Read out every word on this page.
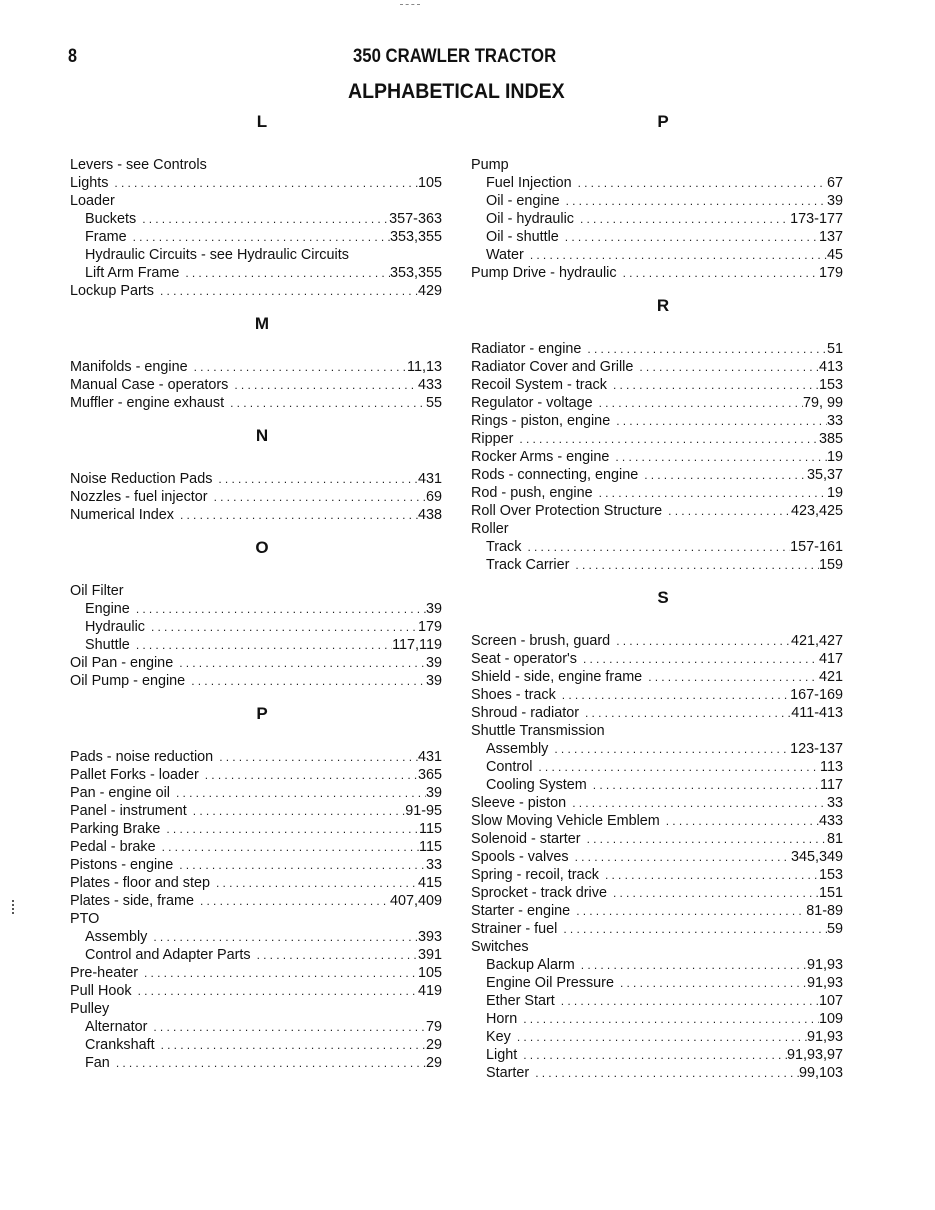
8	350 CRAWLER TRACTOR
ALPHABETICAL INDEX
L
Levers - see Controls
Lights .....	105
Loader
Buckets .....	357-363
Frame .....	353,355
Hydraulic Circuits - see Hydraulic Circuits
Lift Arm Frame .....	353,355
Lockup Parts .....	429
M
Manifolds - engine .....	11,13
Manual Case - operators .....	433
Muffler - engine exhaust .....	55
N
Noise Reduction Pads .....	431
Nozzles - fuel injector .....	69
Numerical Index .....	438
O
Oil Filter
Engine .....	39
Hydraulic .....	179
Shuttle .....	117,119
Oil Pan - engine .....	39
Oil Pump - engine .....	39
P
Pads - noise reduction .....	431
Pallet Forks - loader .....	365
Pan - engine oil .....	39
Panel - instrument .....	91-95
Parking Brake .....	115
Pedal - brake .....	115
Pistons - engine .....	33
Plates - floor and step .....	415
Plates - side, frame .....	407,409
PTO
Assembly .....	393
Control and Adapter Parts .....	391
Pre-heater .....	105
Pull Hook .....	419
Pulley
Alternator .....	79
Crankshaft .....	29
Fan .....	29
P
Pump
Fuel Injection .....	67
Oil - engine .....	39
Oil - hydraulic .....	173-177
Oil - shuttle .....	137
Water .....	45
Pump Drive - hydraulic .....	179
R
Radiator - engine .....	51
Radiator Cover and Grille .....	413
Recoil System - track .....	153
Regulator - voltage .....	79, 99
Rings - piston, engine .....	33
Ripper .....	385
Rocker Arms - engine .....	19
Rods - connecting, engine .....	35,37
Rod - push, engine .....	19
Roll Over Protection Structure .....	423,425
Roller
Track .....	157-161
Track Carrier .....	159
S
Screen - brush, guard .....	421,427
Seat - operator's .....	417
Shield - side, engine frame .....	421
Shoes - track .....	167-169
Shroud - radiator .....	411-413
Shuttle Transmission
Assembly .....	123-137
Control .....	113
Cooling System .....	117
Sleeve - piston .....	33
Slow Moving Vehicle Emblem .....	433
Solenoid - starter .....	81
Spools - valves .....	345,349
Spring - recoil, track .....	153
Sprocket - track drive .....	151
Starter - engine .....	81-89
Strainer - fuel .....	59
Switches
Backup Alarm .....	91,93
Engine Oil Pressure .....	91,93
Ether Start .....	107
Horn .....	109
Key .....	91,93
Light .....	91,93,97
Starter .....	99,103
